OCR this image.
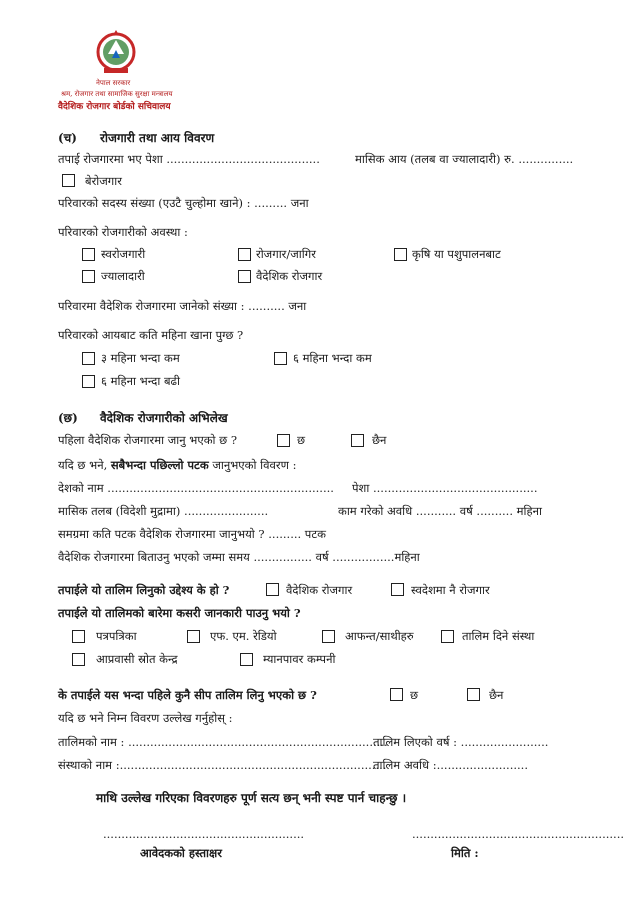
नेपाल सरकार
श्रम, रोजगार तथा सामाजिक सुरक्षा मन्त्रालय
वैदेशिक रोजगार बोर्डको सचिवालय
(च) रोजगारी तथा आय विवरण
तपाई रोजगारमा भए पेशा ..........................................	मासिक आय (तलब वा ज्यालादारी) रु. ...............
बेरोजगार
परिवारको सदस्य संख्या (एउटै चुल्होमा खाने) : ......... जना
परिवारको रोजगारीको अवस्था :
स्वरोजगारी	रोजगार/जागिर	कृषि या पशुपालनबाट
ज्यालादारी	वैदेशिक रोजगार
परिवारमा वैदेशिक रोजगारमा जानेको संख्या : .......... जना
परिवारको आयबाट कति महिना खाना पुग्छ ?
३ महिना भन्दा कम	६ महिना भन्दा कम
६ महिना भन्दा बढी
(छ) वैदेशिक रोजगारीको अभिलेख
पहिला वैदेशिक रोजगारमा जानु भएको छ ?	छ	छैन
यदि छ भने, सबैभन्दा पछिल्लो पटक जानुभएको विवरण :
देशको नाम .............................................................. पेशा .............................................
मासिक तलब (विदेशी मुद्रामा) .......................	काम गरेको अवधि ........... वर्ष .......... महिना
समग्रमा कति पटक वैदेशिक रोजगारमा जानुभयो ? ......... पटक
वैदेशिक रोजगारमा बिताउनु भएको जम्मा समय ................ वर्ष .................महिना
तपाईले यो तालिम लिनुको उद्देश्य के हो ?	वैदेशिक रोजगार	स्वदेशमा नै रोजगार
तपाईले यो तालिमको बारेमा कसरी जानकारी पाउनु भयो ?
पत्रपत्रिका	एफ. एम. रेडियो	आफन्त/साथीहरु	तालिम दिने संस्था
आप्रवासी स्रोत केन्द्र	म्यानपावर कम्पनी
के तपाईले यस भन्दा पहिले कुनै सीप तालिम लिनु भएको छ ?	छ	छैन
यदि छ भने निम्न विवरण उल्लेख गर्नुहोस् :
तालिमको नाम : .......................................................................
तालिम लिएको वर्ष : ........................
संस्थाको नाम :.........................................................................
तालिम अवधि :.........................
माथि उल्लेख गरिएका विवरणहरु पूर्ण सत्य छन् भनी स्पष्ट पार्न चाहन्छु ।
.......................................................	..........................................................
आवेदकको हस्ताक्षर	मिति :
